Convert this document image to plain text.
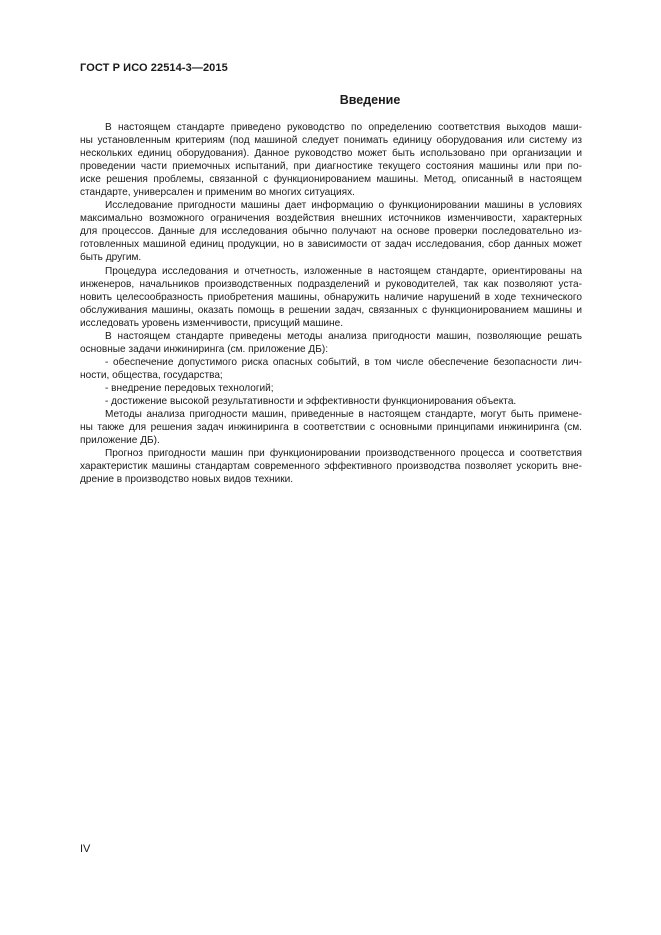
ГОСТ Р ИСО 22514-3—2015
Введение

В настоящем стандарте приведено руководство по определению соответствия выходов маши-
ны установленным критериям (под машиной следует понимать единицу оборудования или систему из
нескольких единиц оборудования). Данное руководство может быть использовано при организации и
проведении части приемочных испытаний, при диагностике текущего состояния машины или при по-
иске решения проблемы, связанной с функционированием машины. Метод, описанный в настоящем
стандарте, универсален и применим во многих ситуациях.

Исследование пригодности машины дает информацию о функционировании машины в условиях
максимально возможного ограничения воздействия внешних источников изменчивости, характерных
для процессов. Данные для исследования обычно получают на основе проверки последовательно из-
готовленных машиной единиц продукции, но в зависимости от задач исследования, сбор данных может
быть другим.

Процедура исследования и отчетность, изложенные в настоящем стандарте, ориентированы на
инженеров, начальников производственных подразделений и руководителей, так как позволяют уста-
новить целесообразность приобретения машины, обнаружить наличие нарушений в ходе технического
обслуживания машины, оказать помощь в решении задач, связанных с функционированием машины и
исследовать уровень изменчивости, присущий машине.

В настоящем стандарте приведены методы анализа пригодности машин, позволяющие решать
основные задачи инжиниринга (см. приложение ДБ):

- обеспечение допустимого риска опасных событий, в том числе обеспечение безопасности лич-
ности, общества, государства;

- внедрение передовых технологий;

- достижение высокой результативности и эффективности функционирования объекта.

Методы анализа пригодности машин, приведенные в настоящем стандарте, могут быть примене-
ны также для решения задач инжиниринга в соответствии с основными принципами инжиниринга (см.
приложение ДБ).

Прогноз пригодности машин при функционировании производственного процесса и соответствия
характеристик машины стандартам современного эффективного производства позволяет ускорить вне-
дрение в производство новых видов техники.

IV
